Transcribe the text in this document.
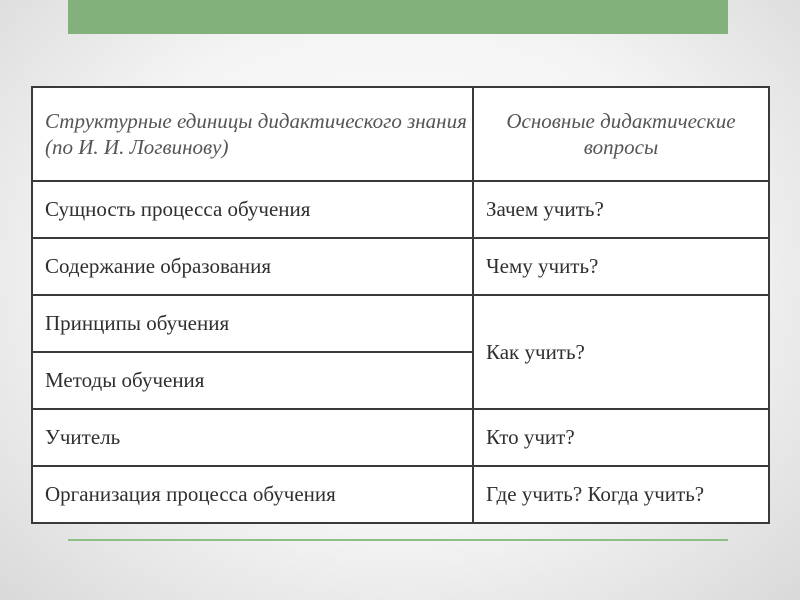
Структурные единицы дидактического знания (по И. И. Логвинову)	Основные дидактические вопросы
Сущность процесса обучения	Зачем учить?
Содержание образования	Чему учить?
Принципы обучения	Как учить?
Методы обучения	
Учитель	Кто учит?
Организация процесса обучения	Где учить? Когда учить?
